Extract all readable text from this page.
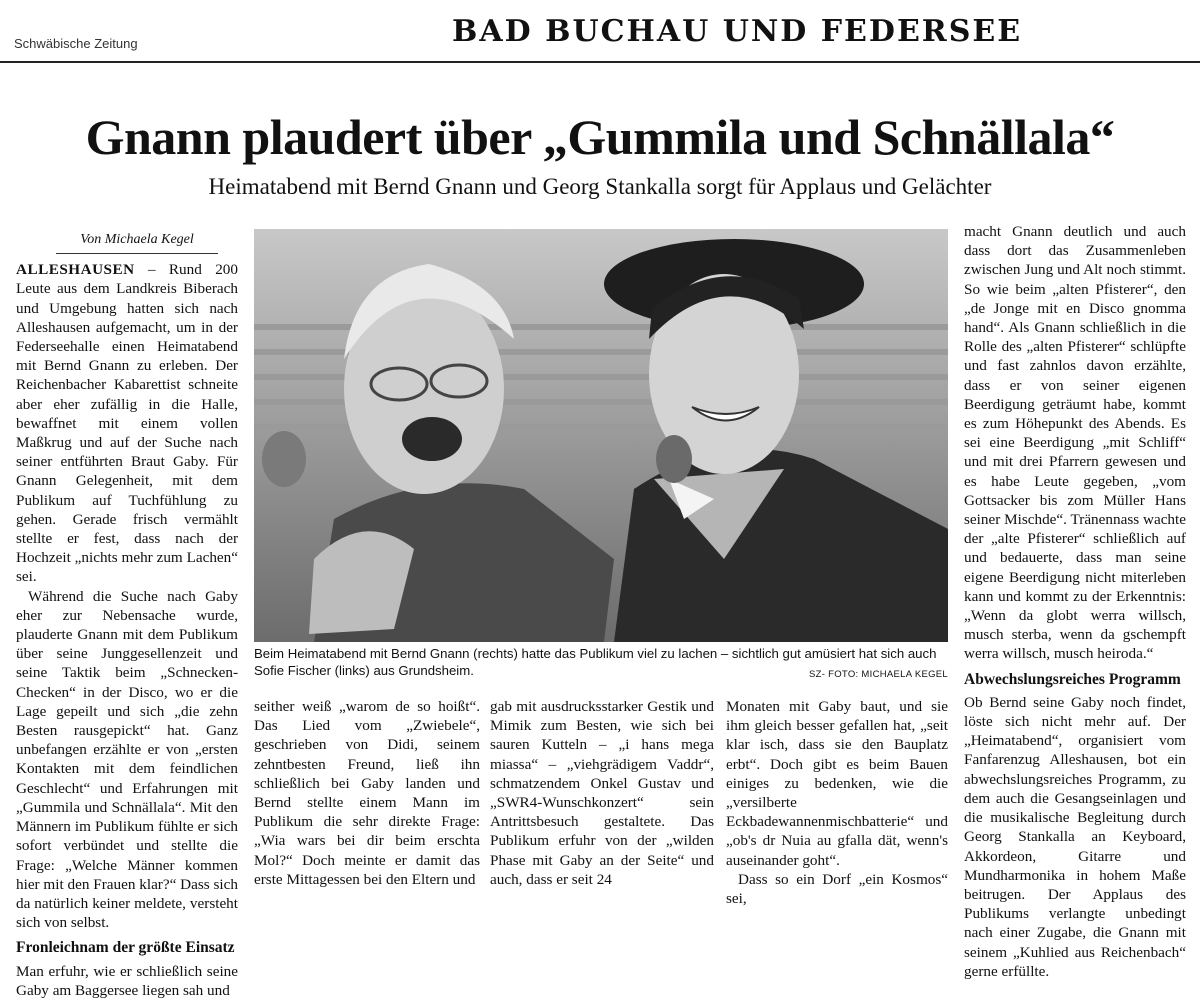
Schwäbische Zeitung	BAD BUCHAU UND FEDERSEE
Gnann plaudert über „Gummila und Schnällala“
Heimatabend mit Bernd Gnann und Georg Stankalla sorgt für Applaus und Gelächter
Von Michaela Kegel

ALLESHAUSEN – Rund 200 Leute aus dem Landkreis Biberach und Umgebung hatten sich nach Alleshausen aufgemacht, um in der Federseehalle einen Heimatabend mit Bernd Gnann zu erleben. Der Reichenbacher Kabarettist schneite aber eher zufällig in die Halle, bewaffnet mit einem vollen Maßkrug und auf der Suche nach seiner entführten Braut Gaby. Für Gnann Gelegenheit, mit dem Publikum auf Tuchfühlung zu gehen. Gerade frisch vermählt stellte er fest, dass nach der Hochzeit „nichts mehr zum Lachen“ sei.

Während die Suche nach Gaby eher zur Nebensache wurde, plauderte Gnann mit dem Publikum über seine Junggesellenzeit und seine Taktik beim „Schnecken-Checken“ in der Disco, wo er die Lage gepeilt und sich „die zehn Besten rausgepickt“ hat. Ganz unbefangen erzählte er von „ersten Kontakten mit dem feindlichen Geschlecht“ und Erfahrungen mit „Gummila und Schnällala“. Mit den Männern im Publikum fühlte er sich sofort verbündet und stellte die Frage: „Welche Männer kommen hier mit den Frauen klar?“ Dass sich da natürlich keiner meldete, versteht sich von selbst.

Fronleichnam der größte Einsatz

Man erfuhr, wie er schließlich seine Gaby am Baggersee liegen sah und

Beim Heimatabend mit Bernd Gnann (rechts) hatte das Publikum viel zu lachen – sichtlich gut amüsiert hat sich auch Sofie Fischer (links) aus Grundsheim.	SZ- FOTO: MICHAELA KEGEL

seither weiß „warom de so hoißt“. Das Lied vom „Zwiebele“, geschrieben von Didi, seinem zehntbesten Freund, ließ ihn schließlich bei Gaby landen und Bernd stellte einem Mann im Publikum die sehr direkte Frage: „Wia wars bei dir beim erschta Mol?“ Doch meinte er damit das erste Mittagessen bei den Eltern und

gab mit ausdrucksstarker Gestik und Mimik zum Besten, wie sich bei sauren Kutteln – „i hans mega miassa“ – „viehgrädigem Vaddr“, schmatzendem Onkel Gustav und „SWR4-Wunschkonzert“ sein Antrittsbesuch gestaltete. Das Publikum erfuhr von der „wilden Phase mit Gaby an der Seite“ und auch, dass er seit 24

Monaten mit Gaby baut, und sie ihm gleich besser gefallen hat, „seit klar isch, dass sie den Bauplatz erbt“. Doch gibt es beim Bauen einiges zu bedenken, wie die „versilberte Eckbadewannenmischbatterie“ und „ob's dr Nuia au gfalla dät, wenn's auseinander goht“.

Dass so ein Dorf „ein Kosmos“ sei,

macht Gnann deutlich und auch dass dort das Zusammenleben zwischen Jung und Alt noch stimmt. So wie beim „alten Pfisterer“, den „de Jonge mit en Disco gnomma hand“. Als Gnann schließlich in die Rolle des „alten Pfisterer“ schlüpfte und fast zahnlos davon erzählte, dass er von seiner eigenen Beerdigung geträumt habe, kommt es zum Höhepunkt des Abends. Es sei eine Beerdigung „mit Schliff“ und mit drei Pfarrern gewesen und es habe Leute gegeben, „vom Gottsacker bis zom Müller Hans seiner Mischde“. Tränennass wachte der „alte Pfisterer“ schließlich auf und bedauerte, dass man seine eigene Beerdigung nicht miterleben kann und kommt zu der Erkenntnis: „Wenn da globt werra willsch, musch sterba, wenn da gschempft werra willsch, musch heiroda.“

Abwechslungsreiches Programm

Ob Bernd seine Gaby noch findet, löste sich nicht mehr auf. Der „Heimatabend“, organisiert vom Fanfarenzug Alleshausen, bot ein abwechslungsreiches Programm, zu dem auch die Gesangseinlagen und die musikalische Begleitung durch Georg Stankalla an Keyboard, Akkordeon, Gitarre und Mundharmonika in hohem Maße beitrugen. Der Applaus des Publikums verlangte unbedingt nach einer Zugabe, die Gnann mit seinem „Kuhlied aus Reichenbach“ gerne erfüllte.
